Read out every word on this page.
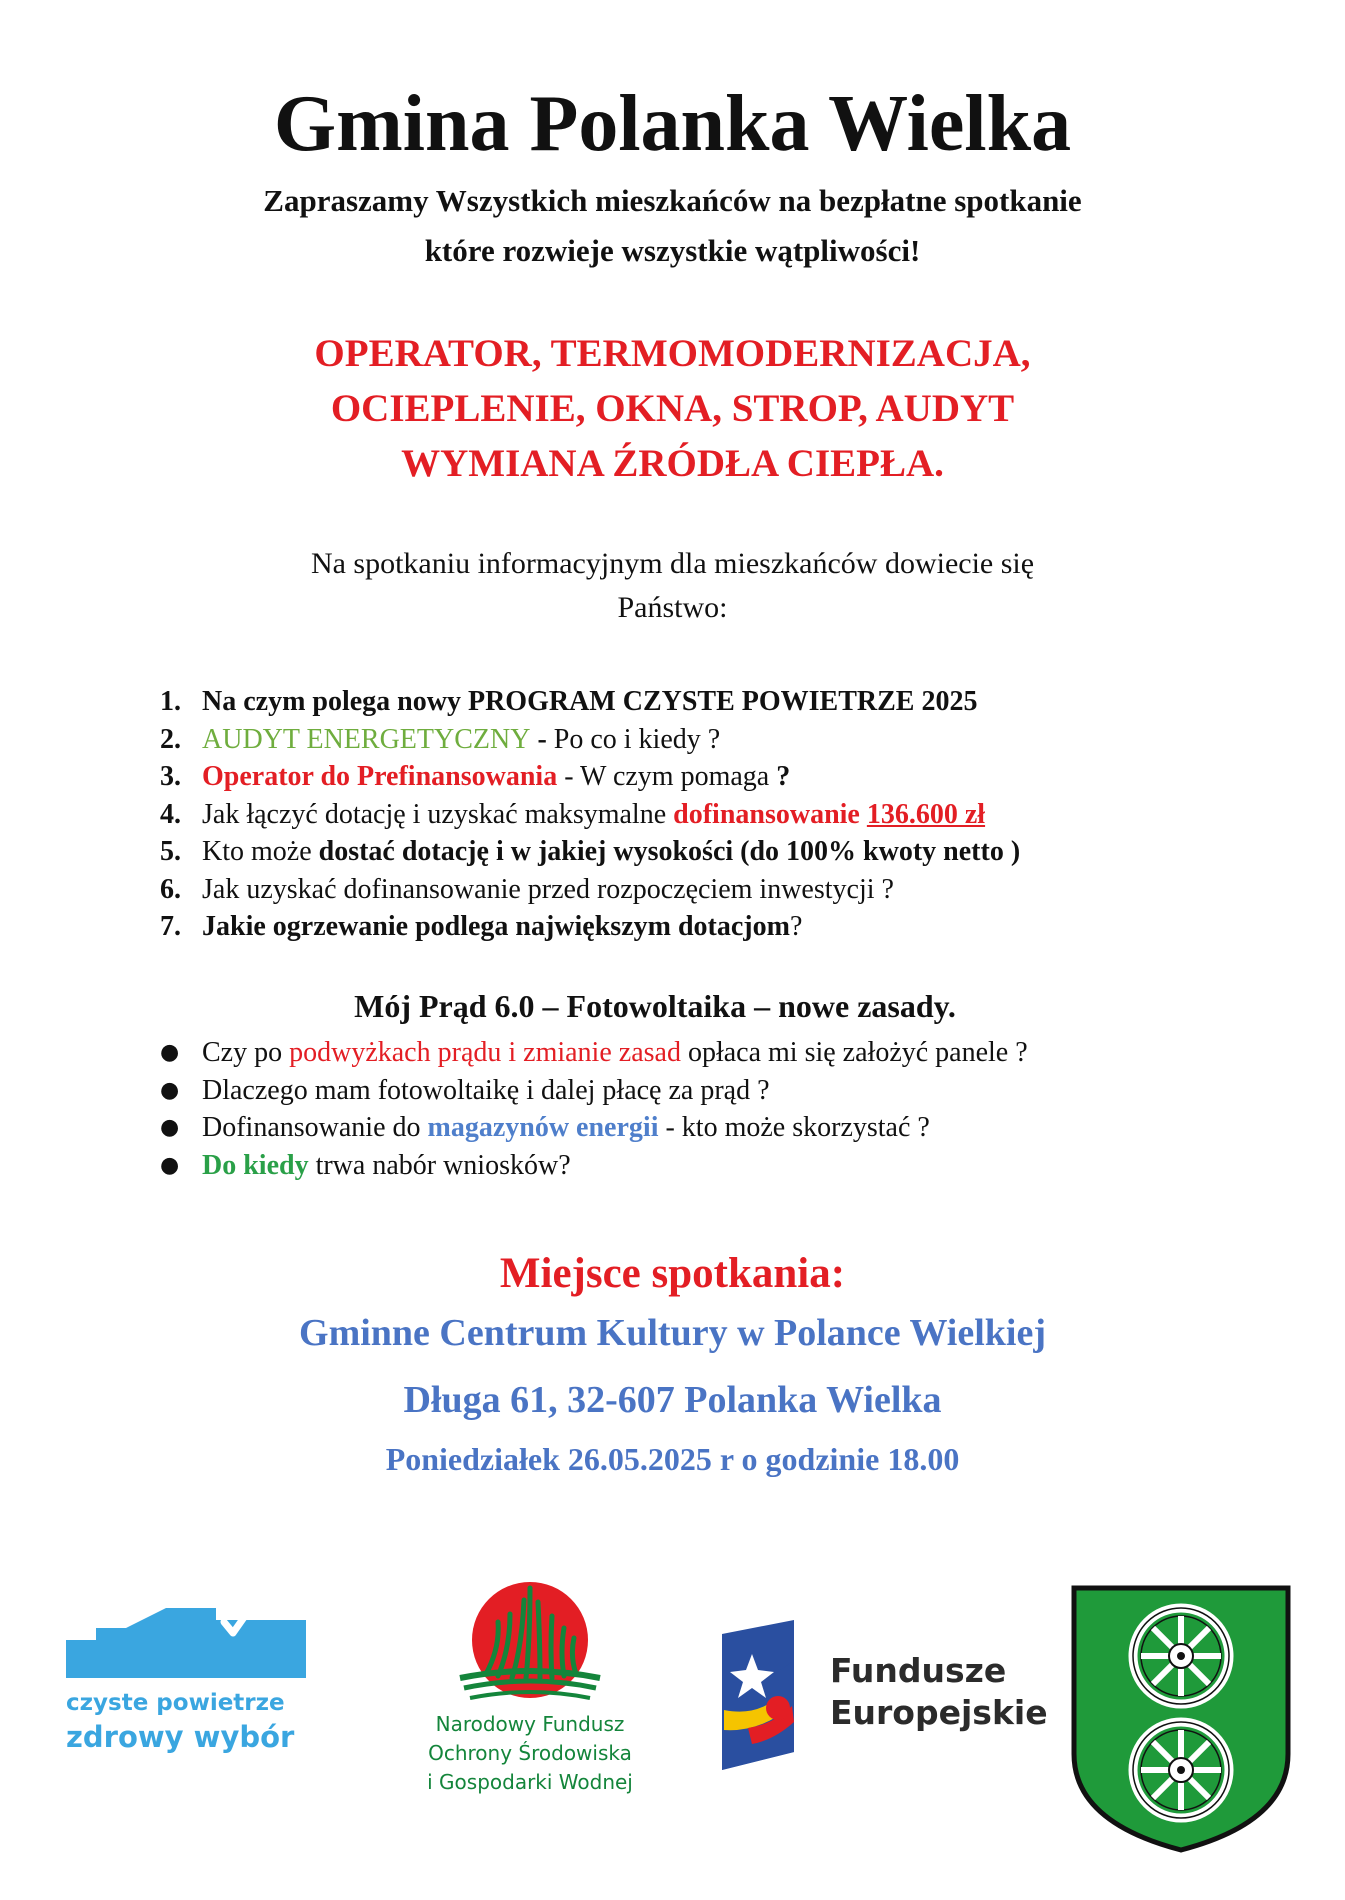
Gmina Polanka Wielka
Zapraszamy Wszystkich mieszkańców na bezpłatne spotkanie
które rozwieje wszystkie wątpliwości!
OPERATOR, TERMOMODERNIZACJA,
OCIEPLENIE, OKNA, STROP, AUDYT
WYMIANA ŹRÓDŁA CIEPŁA.
Na spotkaniu informacyjnym dla mieszkańców dowiecie się
Państwo:
1. Na czym polega nowy PROGRAM CZYSTE POWIETRZE 2025
2. AUDYT ENERGETYCZNY - Po co i kiedy ?
3. Operator do Prefinansowania - W czym pomaga ?
4. Jak łączyć dotację i uzyskać maksymalne dofinansowanie 136.600 zł
5. Kto może dostać dotację i w jakiej wysokości (do 100% kwoty netto )
6. Jak uzyskać dofinansowanie przed rozpoczęciem inwestycji ?
7. Jakie ogrzewanie podlega największym dotacjom?
Mój Prąd 6.0 – Fotowoltaika – nowe zasady.
● Czy po podwyżkach prądu i zmianie zasad opłaca mi się założyć panele ?
● Dlaczego mam fotowoltaikę i dalej płacę za prąd ?
● Dofinansowanie do magazynów energii - kto może skorzystać ?
● Do kiedy trwa nabór wniosków?
Miejsce spotkania:
Gminne Centrum Kultury w Polance Wielkiej
Długa 61, 32-607 Polanka Wielka
Poniedziałek 26.05.2025 r o godzinie 18.00
czyste powietrze
zdrowy wybór	Narodowy Fundusz
Ochrony Środowiska
i Gospodarki Wodnej
Fundusze
Europejskie
